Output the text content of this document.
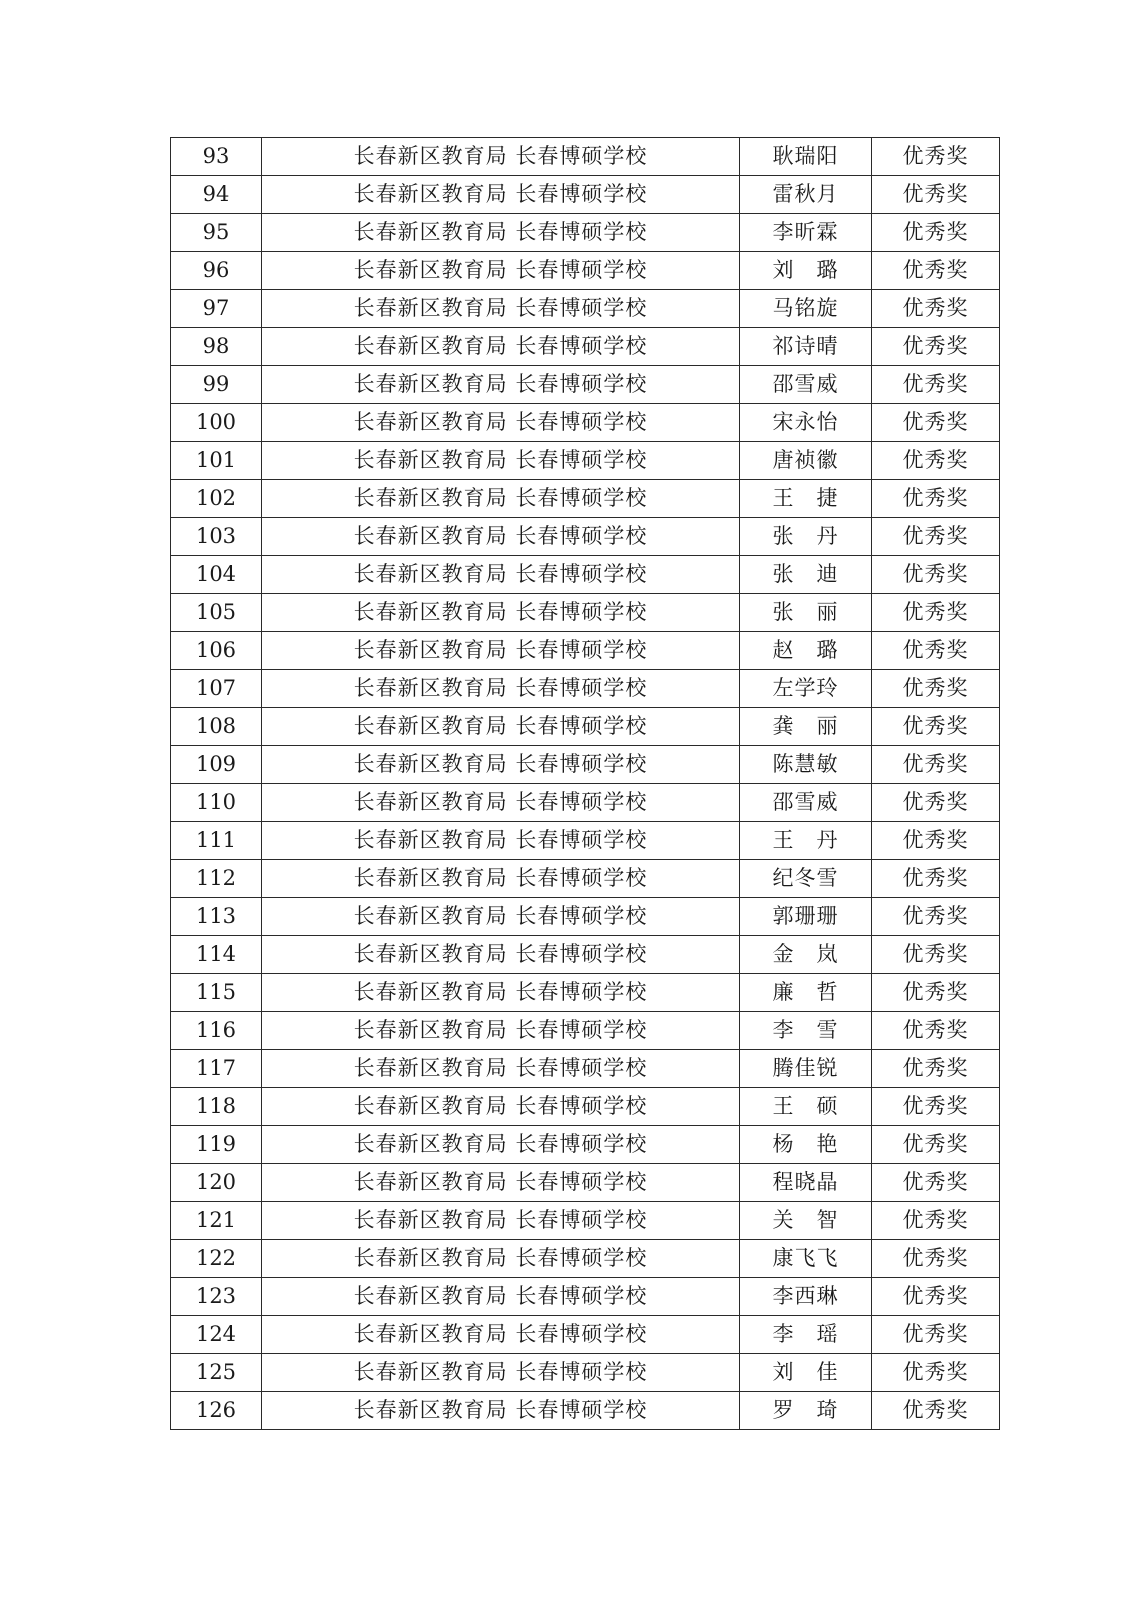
93	长春新区教育局 长春博硕学校	耿瑞阳	优秀奖
94	长春新区教育局 长春博硕学校	雷秋月	优秀奖
95	长春新区教育局 长春博硕学校	李昕霖	优秀奖
96	长春新区教育局 长春博硕学校	刘　璐	优秀奖
97	长春新区教育局 长春博硕学校	马铭旋	优秀奖
98	长春新区教育局 长春博硕学校	祁诗晴	优秀奖
99	长春新区教育局 长春博硕学校	邵雪威	优秀奖
100	长春新区教育局 长春博硕学校	宋永怡	优秀奖
101	长春新区教育局 长春博硕学校	唐祯徽	优秀奖
102	长春新区教育局 长春博硕学校	王　捷	优秀奖
103	长春新区教育局 长春博硕学校	张　丹	优秀奖
104	长春新区教育局 长春博硕学校	张　迪	优秀奖
105	长春新区教育局 长春博硕学校	张　丽	优秀奖
106	长春新区教育局 长春博硕学校	赵　璐	优秀奖
107	长春新区教育局 长春博硕学校	左学玲	优秀奖
108	长春新区教育局 长春博硕学校	龚　丽	优秀奖
109	长春新区教育局 长春博硕学校	陈慧敏	优秀奖
110	长春新区教育局 长春博硕学校	邵雪威	优秀奖
111	长春新区教育局 长春博硕学校	王　丹	优秀奖
112	长春新区教育局 长春博硕学校	纪冬雪	优秀奖
113	长春新区教育局 长春博硕学校	郭珊珊	优秀奖
114	长春新区教育局 长春博硕学校	金　岚	优秀奖
115	长春新区教育局 长春博硕学校	廉　哲	优秀奖
116	长春新区教育局 长春博硕学校	李　雪	优秀奖
117	长春新区教育局 长春博硕学校	腾佳锐	优秀奖
118	长春新区教育局 长春博硕学校	王　硕	优秀奖
119	长春新区教育局 长春博硕学校	杨　艳	优秀奖
120	长春新区教育局 长春博硕学校	程晓晶	优秀奖
121	长春新区教育局 长春博硕学校	关　智	优秀奖
122	长春新区教育局 长春博硕学校	康飞飞	优秀奖
123	长春新区教育局 长春博硕学校	李西琳	优秀奖
124	长春新区教育局 长春博硕学校	李　瑶	优秀奖
125	长春新区教育局 长春博硕学校	刘　佳	优秀奖
126	长春新区教育局 长春博硕学校	罗　琦	优秀奖
